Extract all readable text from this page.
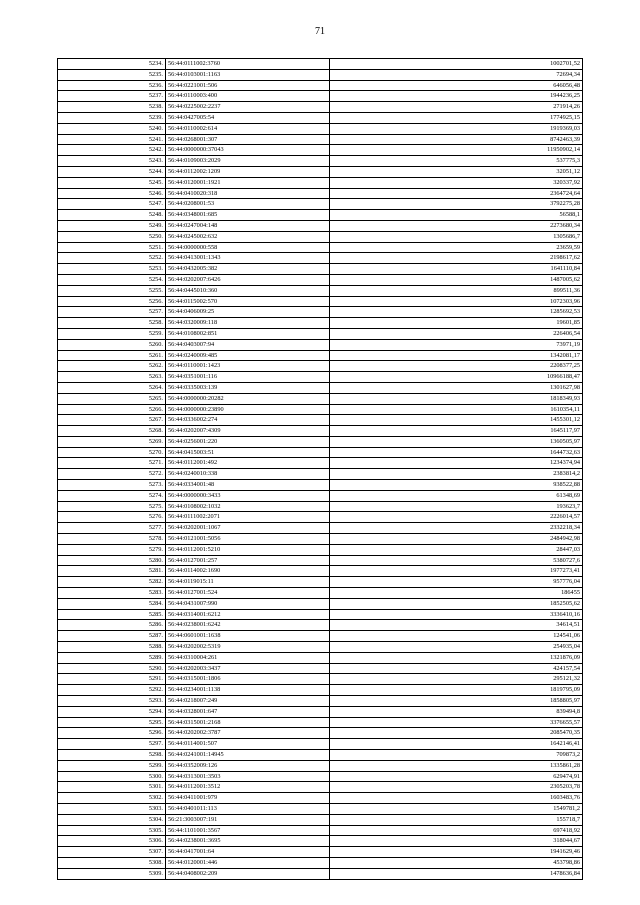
71
5234.	56:44:0111002:3760	1002701,52
5235.	56:44:0103001:1163	72694,34
5236.	56:44:0221001:506	646056,48
5237.	56:44:0110003:400	1944236,25
5238.	56:44:0225002:2237	271914,26
5239.	56:44:0427005:54	1774925,15
5240.	56:44:0110002:614	1919369,03
5241.	56:44:0268001:307	8742463,39
5242.	56:44:0000000:37043	11950902,14
5243.	56:44:0109003:2029	537775,3
5244.	56:44:0112002:1209	32051,12
5245.	56:44:0120001:1921	320337,92
5246.	56:44:0410020:318	2364724,64
5247.	56:44:0208001:53	3792275,28
5248.	56:44:0348001:685	56588,1
5249.	56:44:0247004:148	2273680,34
5250.	56:44:0245002:632	1305686,7
5251.	56:44:0000000:558	23659,59
5252.	56:44:0413001:1343	2198617,62
5253.	56:44:0432005:382	1641110,84
5254.	56:44:0202007:6426	1487005,62
5255.	56:44:0445010:360	899511,36
5256.	56:44:0115002:570	1072303,96
5257.	56:44:0406009:25	1285692,53
5258.	56:44:0320009:118	19601,85
5259.	56:44:0108002:851	226406,54
5260.	56:44:0403007:94	73971,19
5261.	56:44:0240009:485	1342081,17
5262.	56:44:0110001:1423	2208377,25
5263.	56:44:0351001:116	10966188,47
5264.	56:44:0335003:139	1301627,98
5265.	56:44:0000000:20282	1818349,93
5266.	56:44:0000000:23890	1610354,11
5267.	56:44:0336002:274	1455301,12
5268.	56:44:0202007:4309	1645117,97
5269.	56:44:0256001:220	1360505,97
5270.	56:44:0415003:51	1644732,63
5271.	56:44:0112001:492	1234374,94
5272.	56:44:0240010:338	2383814,2
5273.	56:44:0334001:48	938522,88
5274.	56:44:0000000:3433	61348,69
5275.	56:44:0108002:1032	193623,7
5276.	56:44:0111002:2071	2226014,57
5277.	56:44:0202001:1067	2332218,34
5278.	56:44:0121001:5056	2484942,98
5279.	56:44:0112001:5210	28447,03
5280.	56:44:0127001:257	5380727,6
5281.	56:44:0114002:1690	1977273,41
5282.	56:44:0119015:11	957776,04
5283.	56:44:0127001:524	186455
5284.	56:44:0431007:990	1852505,62
5285.	56:44:0314001:6212	3336410,16
5286.	56:44:0238001:6242	34614,51
5287.	56:44:0601001:1638	124541,06
5288.	56:44:0202002:5319	254935,04
5289.	56:44:0310004:261	1321876,09
5290.	56:44:0202003:3437	424157,54
5291.	56:44:0315001:1806	295121,32
5292.	56:44:0234001:1138	1819795,09
5293.	56:44:0218007:249	1858805,97
5294.	56:44:0328001:647	839494,8
5295.	56:44:0315001:2168	3376655,57
5296.	56:44:0202002:3787	2085470,35
5297.	56:44:0114001:507	1642146,41
5298.	56:44:0241001:14945	709873,2
5299.	56:44:0352009:126	1335861,28
5300.	56:44:0313001:3503	629474,91
5301.	56:44:0112001:3512	2305203,78
5302.	56:44:0411001:979	1603483,76
5303.	56:44:0401011:113	1549781,2
5304.	56:21:3003007:191	155718,7
5305.	56:44:1101001:3567	697418,92
5306.	56:44:0238001:3695	318044,67
5307.	56:44:0417001:64	1941629,46
5308.	56:44:0120001:446	453798,86
5309.	56:44:0408002:209	1478636,84
